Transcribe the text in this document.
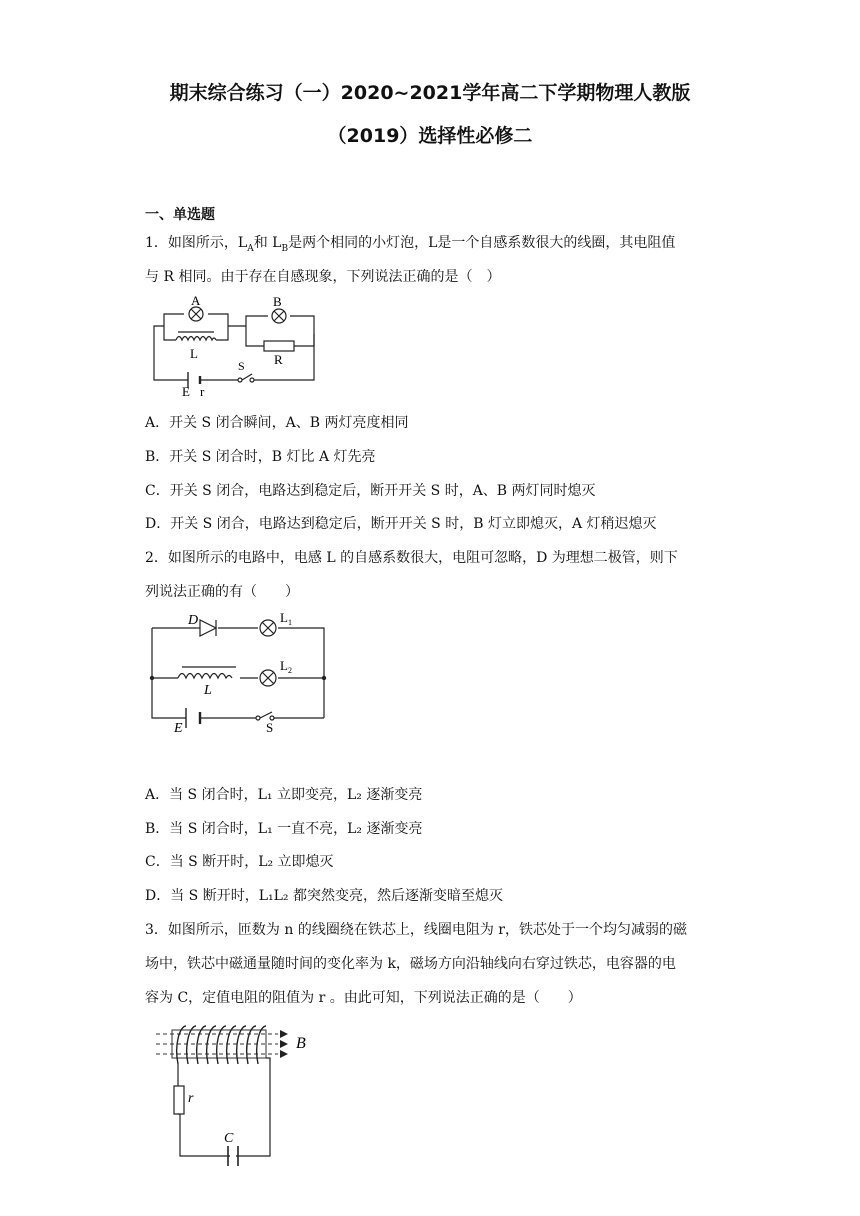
期末综合练习（一）2020~2021学年高二下学期物理人教版
（2019）选择性必修二
一、单选题
1．如图所示，$L_A$和 $L_B$是两个相同的小灯泡，L是一个自感系数很大的线圈，其电阻值
与 R 相同。由于存在自感现象，下列说法正确的是（　）
A	B
L	R
S
E r
A．开关 S 闭合瞬间，A、B 两灯亮度相同
B．开关 S 闭合时，B 灯比 A 灯先亮
C．开关 S 闭合，电路达到稳定后，断开开关 S 时，A、B 两灯同时熄灭
D．开关 S 闭合，电路达到稳定后，断开开关 S 时，B 灯立即熄灭，A 灯稍迟熄灭
2．如图所示的电路中，电感 L 的自感系数很大，电阻可忽略，D 为理想二极管，则下
列说法正确的有（　　）
D	$L_1$
$L_2$
L
E	S
A．当 S 闭合时，L₁ 立即变亮，L₂ 逐渐变亮
B．当 S 闭合时，L₁ 一直不亮，L₂ 逐渐变亮
C．当 S 断开时，L₂ 立即熄灭
D．当 S 断开时，L₁L₂ 都突然变亮，然后逐渐变暗至熄灭
3．如图所示，匝数为 n 的线圈绕在铁芯上，线圈电阻为 r，铁芯处于一个均匀减弱的磁
场中，铁芯中磁通量随时间的变化率为 k，磁场方向沿轴线向右穿过铁芯，电容器的电
容为 C，定值电阻的阻值为 r 。由此可知，下列说法正确的是（　　）
B
r
C
